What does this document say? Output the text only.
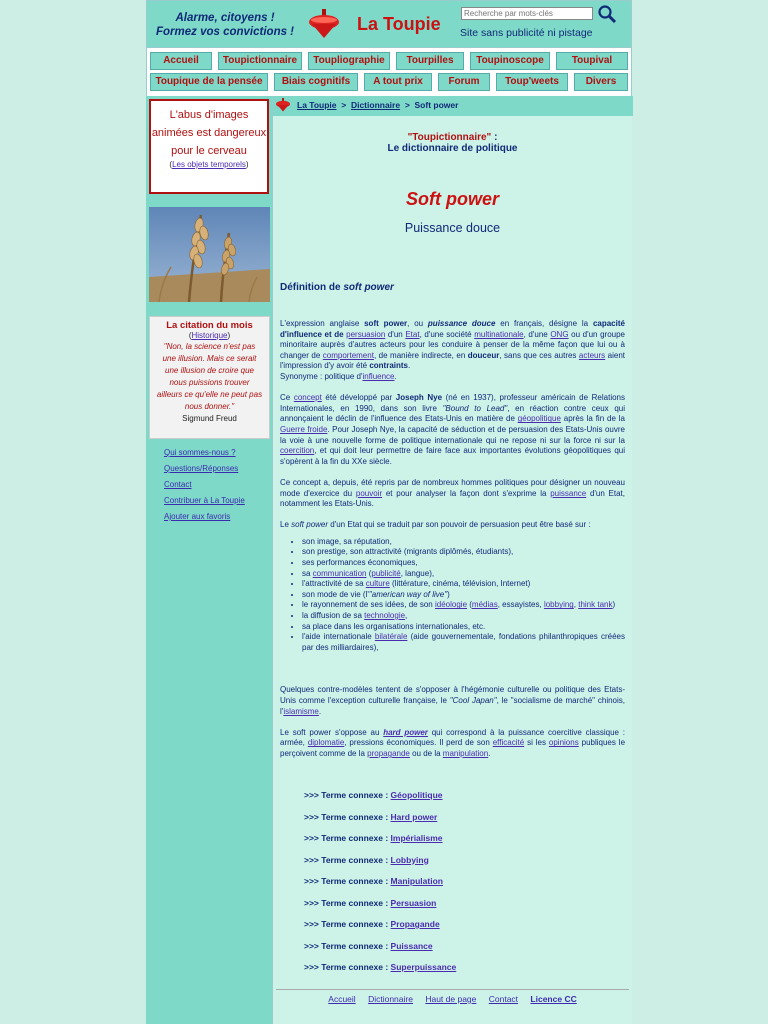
Alarme, citoyens !
Formez vos convictions !	La Toupie
Recherche par mots-clés Site sans publicité ni pistage
Accueil	Toupictionnaire	Toupliographie	Tourpilles	Toupinoscope	Toupival
Toupique de la pensée	Biais cognitifs	A tout prix	Forum	Toup'weets	Divers
L'abus d'images animées est dangereux pour le cerveau
(Les objets temporels)
La citation du mois
(Historique)
"Non, la science n'est pas une illusion. Mais ce serait une illusion de croire que nous puissions trouver ailleurs ce qu'elle ne peut pas nous donner."
Sigmund Freud
Qui sommes-nous ?
Questions/Réponses
Contact
Contribuer à La Toupie
Ajouter aux favoris
La Toupie > Dictionnaire > Soft power
"Toupictionnaire" :
Le dictionnaire de politique
Soft power
Puissance douce
Définition de soft power

L'expression anglaise soft power, ou puissance douce en français, désigne la capacité d'influence et de persuasion d'un Etat, d'une société multinationale, d'une ONG ou d'un groupe minoritaire auprès d'autres acteurs pour les conduire à penser de la même façon que lui ou à changer de comportement, de manière indirecte, en douceur, sans que ces autres acteurs aient l'impression d'y avoir été contraints.
Synonyme : politique d'influence.

Ce concept été développé par Joseph Nye (né en 1937), professeur américain de Relations Internationales, en 1990, dans son livre "Bound to Lead", en réaction contre ceux qui annonçaient le déclin de l'influence des Etats-Unis en matière de géopolitique après la fin de la Guerre froide. Pour Joseph Nye, la capacité de séduction et de persuasion des Etats-Unis ouvre la voie à une nouvelle forme de politique internationale qui ne repose ni sur la force ni sur la coercition, et qui doit leur permettre de faire face aux importantes évolutions géopolitiques qui s'opèrent à la fin du XXe siècle.

Ce concept a, depuis, été repris par de nombreux hommes politiques pour désigner un nouveau mode d'exercice du pouvoir et pour analyser la façon dont s'exprime la puissance d'un Etat, notamment les Etats-Unis.

Le soft power d'un Etat qui se traduit par son pouvoir de persuasion peut être basé sur :

• son image, sa réputation,
• son prestige, son attractivité (migrants diplômés, étudiants),
• ses performances économiques,
• sa communication (publicité, langue),
• l'attractivité de sa culture (littérature, cinéma, télévision, Internet)
• son mode de vie (l'"american way of live")
• le rayonnement de ses idées, de son idéologie (médias, essayistes, lobbying, think tank)
• la diffusion de sa technologie,
• sa place dans les organisations internationales, etc.
• l'aide internationale bilatérale (aide gouvernementale, fondations philanthropiques créées par des milliardaires),

Quelques contre-modèles tentent de s'opposer à l'hégémonie culturelle ou politique des Etats-Unis comme l'exception culturelle française, le "Cool Japan", le "socialisme de marché" chinois, l'islamisme.

Le soft power s'oppose au hard power qui correspond à la puissance coercitive classique : armée, diplomatie, pressions économiques. Il perd de son efficacité si les opinions publiques le perçoivent comme de la propagande ou de la manipulation.

>>> Terme connexe : Géopolitique
>>> Terme connexe : Hard power
>>> Terme connexe : Impérialisme
>>> Terme connexe : Lobbying
>>> Terme connexe : Manipulation
>>> Terme connexe : Persuasion
>>> Terme connexe : Propagande
>>> Terme connexe : Puissance
>>> Terme connexe : Superpuissance
Accueil Dictionnaire Haut de page Contact Licence CC
